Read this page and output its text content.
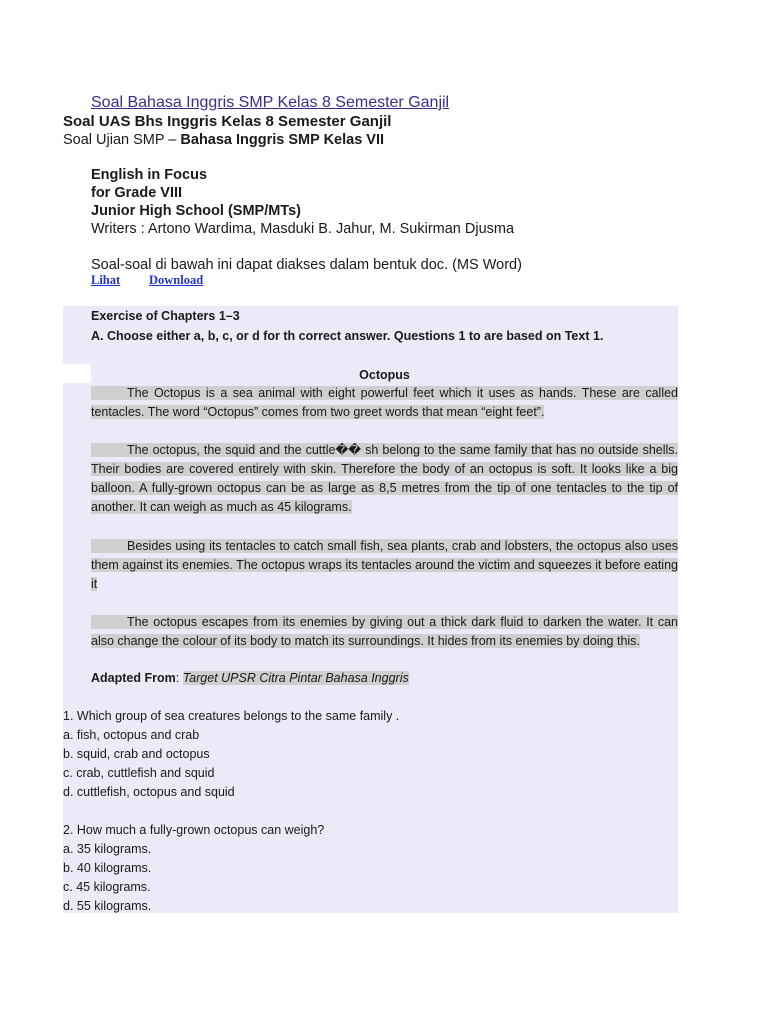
Soal Bahasa Inggris SMP Kelas 8 Semester Ganjil
Soal UAS Bhs Inggris Kelas 8 Semester Ganjil
Soal Ujian SMP – Bahasa Inggris SMP Kelas VII
English in Focus
for Grade VIII
Junior High School (SMP/MTs)
Writers : Artono Wardima, Masduki B. Jahur, M. Sukirman Djusma
Soal-soal di bawah ini dapat diakses dalam bentuk doc. (MS Word)
Lihat Download
Exercise of Chapters 1–3
A. Choose either a, b, c, or d for th correct answer. Questions 1 to are based on Text 1.
Octopus
The Octopus is a sea animal with eight powerful feet which it uses as hands. These are called tentacles. The word “Octopus” comes from two greet words that mean “eight feet”.
The octopus, the squid and the cuttle�� sh belong to the same family that has no outside shells. Their bodies are covered entirely with skin. Therefore the body of an octopus is soft. It looks like a big balloon. A fully-grown octopus can be as large as 8,5 metres from the tip of one tentacles to the tip of another. It can weigh as much as 45 kilograms.
Besides using its tentacles to catch small fish, sea plants, crab and lobsters, the octopus also uses them against its enemies. The octopus wraps its tentacles around the victim and squeezes it before eating it
The octopus escapes from its enemies by giving out a thick dark fluid to darken the water. It can also change the colour of its body to match its surroundings. It hides from its enemies by doing this.
Adapted From: Target UPSR Citra Pintar Bahasa Inggris
1. Which group of sea creatures belongs to the same family .
a. fish, octopus and crab
b. squid, crab and octopus
c. crab, cuttlefish and squid
d. cuttlefish, octopus and squid
2. How much a fully-grown octopus can weigh?
a. 35 kilograms.
b. 40 kilograms.
c. 45 kilograms.
d. 55 kilograms.
